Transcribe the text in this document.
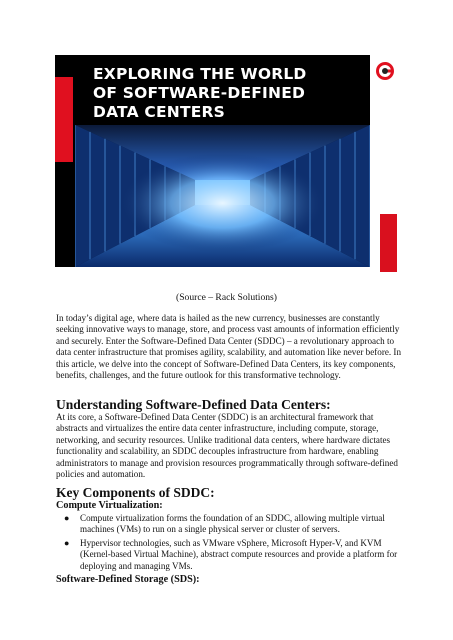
EXPLORING THE WORLD
OF SOFTWARE-DEFINED
DATA CENTERS
(Source – Rack Solutions)

In today’s digital age, where data is hailed as the new currency, businesses are constantly seeking innovative ways to manage, store, and process vast amounts of information efficiently and securely. Enter the Software-Defined Data Center (SDDC) – a revolutionary approach to data center infrastructure that promises agility, scalability, and automation like never before. In this article, we delve into the concept of Software-Defined Data Centers, its key components, benefits, challenges, and the future outlook for this transformative technology.

Understanding Software-Defined Data Centers:

At its core, a Software-Defined Data Center (SDDC) is an architectural framework that abstracts and virtualizes the entire data center infrastructure, including compute, storage, networking, and security resources. Unlike traditional data centers, where hardware dictates functionality and scalability, an SDDC decouples infrastructure from hardware, enabling administrators to manage and provision resources programmatically through software-defined policies and automation.

Key Components of SDDC:
Compute Virtualization:
● Compute virtualization forms the foundation of an SDDC, allowing multiple virtual machines (VMs) to run on a single physical server or cluster of servers.
● Hypervisor technologies, such as VMware vSphere, Microsoft Hyper-V, and KVM (Kernel-based Virtual Machine), abstract compute resources and provide a platform for deploying and managing VMs.
Software-Defined Storage (SDS):
